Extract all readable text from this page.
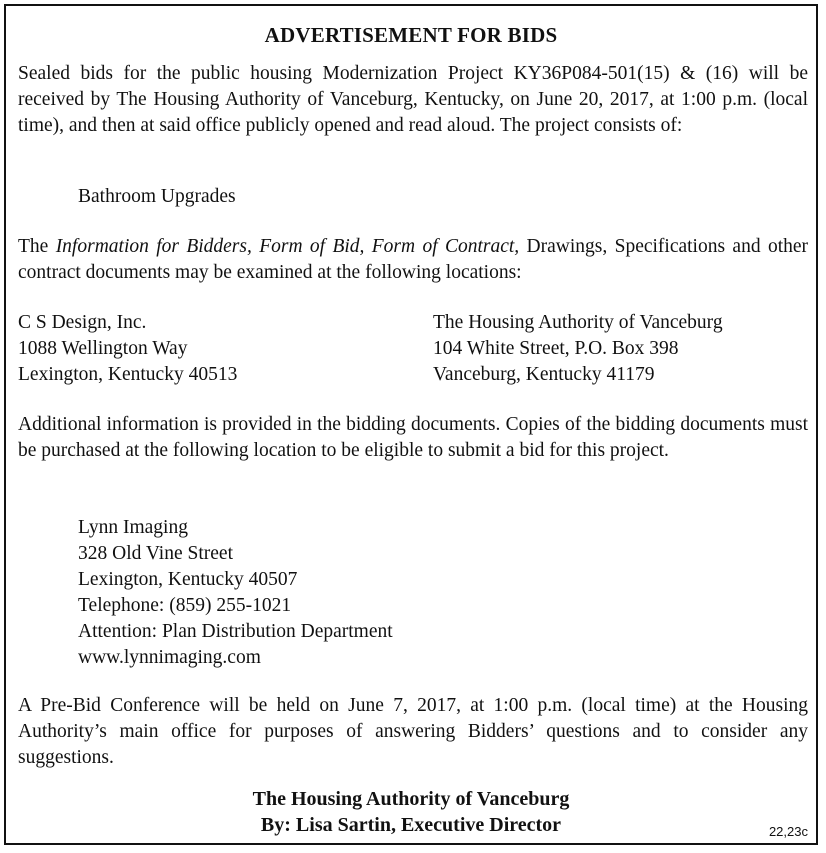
ADVERTISEMENT FOR BIDS

Sealed bids for the public housing Modernization Project KY36P084-501(15) & (16) will be received by The Housing Authority of Vanceburg, Kentucky, on June 20, 2017, at 1:00 p.m. (local time), and then at said office publicly opened and read aloud. The project consists of:

Bathroom Upgrades

The Information for Bidders, Form of Bid, Form of Contract, Drawings, Specifications and other contract documents may be examined at the following locations:

C S Design, Inc.
1088 Wellington Way
Lexington, Kentucky 40513
The Housing Authority of Vanceburg
104 White Street, P.O. Box 398
Vanceburg, Kentucky 41179

Additional information is provided in the bidding documents. Copies of the bidding documents must be purchased at the following location to be eligible to submit a bid for this project.

Lynn Imaging
328 Old Vine Street
Lexington, Kentucky 40507
Telephone: (859) 255-1021
Attention: Plan Distribution Department
www.lynnimaging.com

A Pre-Bid Conference will be held on June 7, 2017, at 1:00 p.m. (local time) at the Housing Authority’s main office for purposes of answering Bidders’ questions and to consider any suggestions.

The Housing Authority of Vanceburg

By: Lisa Sartin, Executive Director	22,23c
